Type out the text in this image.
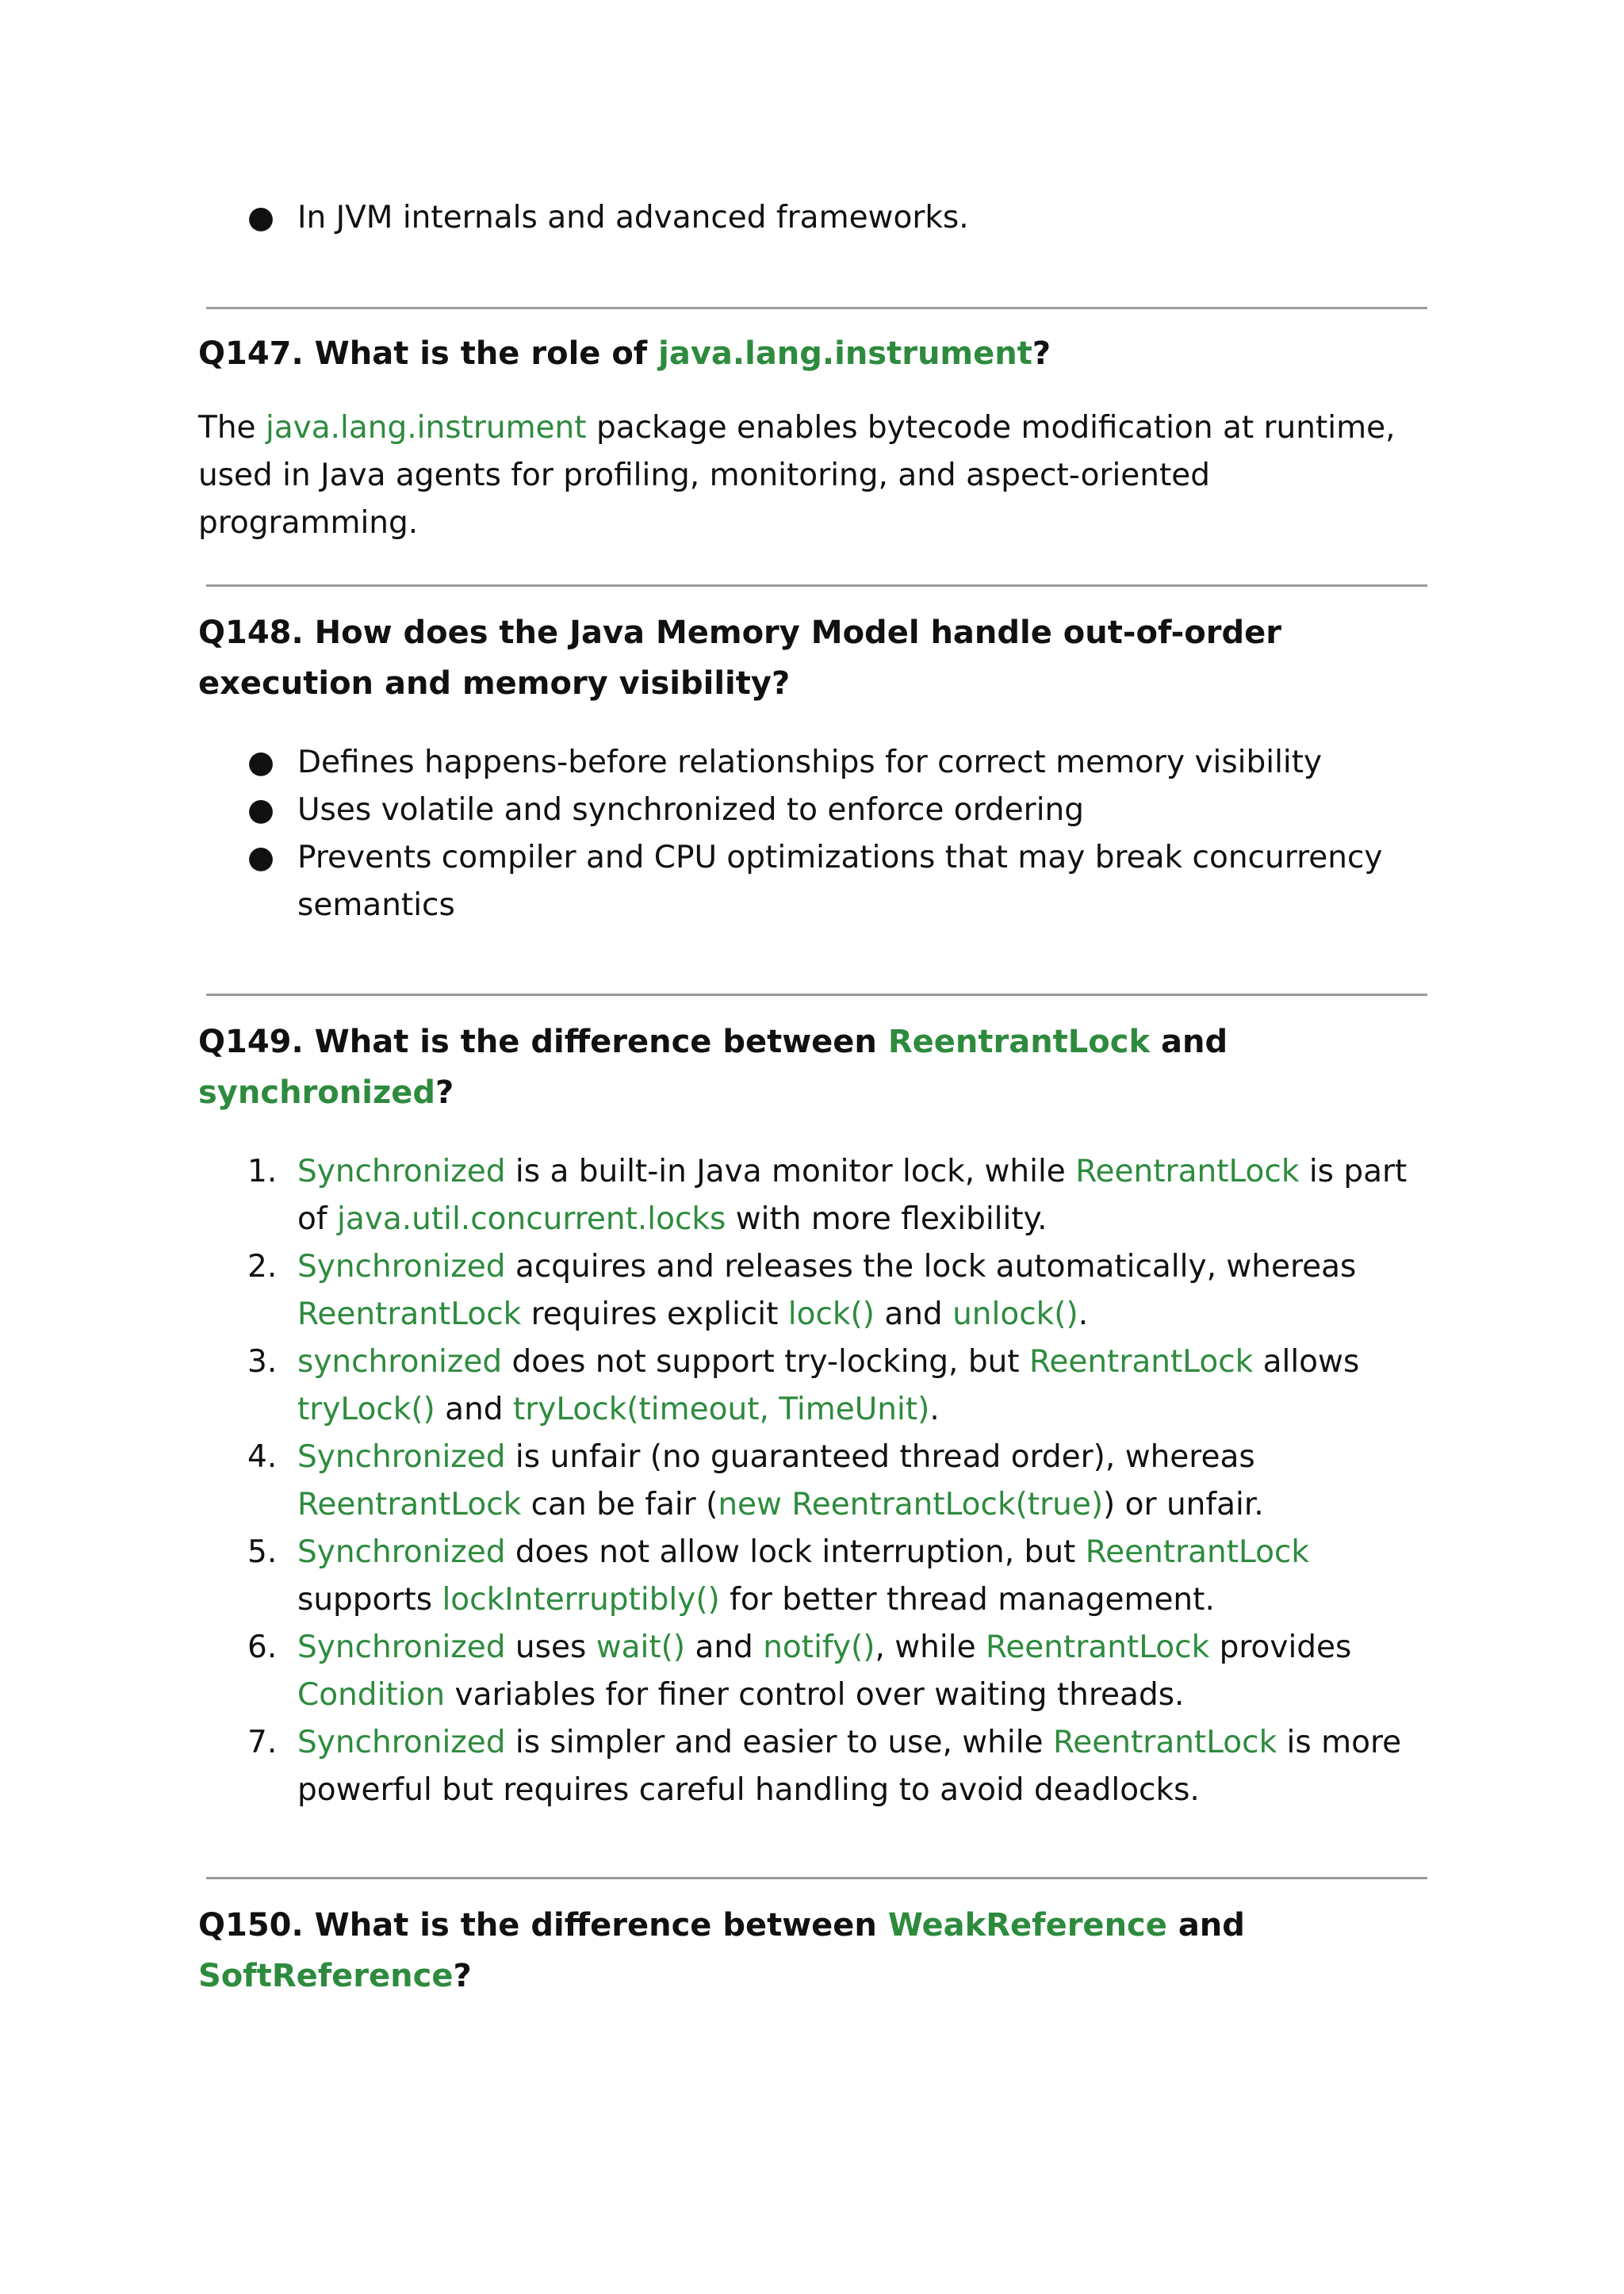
● In JVM internals and advanced frameworks.
Q147. What is the role of java.lang.instrument?

The java.lang.instrument package enables bytecode modification at runtime, used in Java agents for profiling, monitoring, and aspect-oriented programming.

Q148. How does the Java Memory Model handle out-of-order execution and memory visibility?
● Defines happens-before relationships for correct memory visibility
● Uses volatile and synchronized to enforce ordering
● Prevents compiler and CPU optimizations that may break concurrency semantics
Q149. What is the difference between ReentrantLock and synchronized?
1. Synchronized is a built-in Java monitor lock, while ReentrantLock is part of java.util.concurrent.locks with more flexibility.
2. Synchronized acquires and releases the lock automatically, whereas ReentrantLock requires explicit lock() and unlock().
3. synchronized does not support try-locking, but ReentrantLock allows tryLock() and tryLock(timeout, TimeUnit).
4. Synchronized is unfair (no guaranteed thread order), whereas ReentrantLock can be fair (new ReentrantLock(true)) or unfair.
5. Synchronized does not allow lock interruption, but ReentrantLock supports lockInterruptibly() for better thread management.
6. Synchronized uses wait() and notify(), while ReentrantLock provides Condition variables for finer control over waiting threads.
7. Synchronized is simpler and easier to use, while ReentrantLock is more powerful but requires careful handling to avoid deadlocks.
Q150. What is the difference between WeakReference and SoftReference?
